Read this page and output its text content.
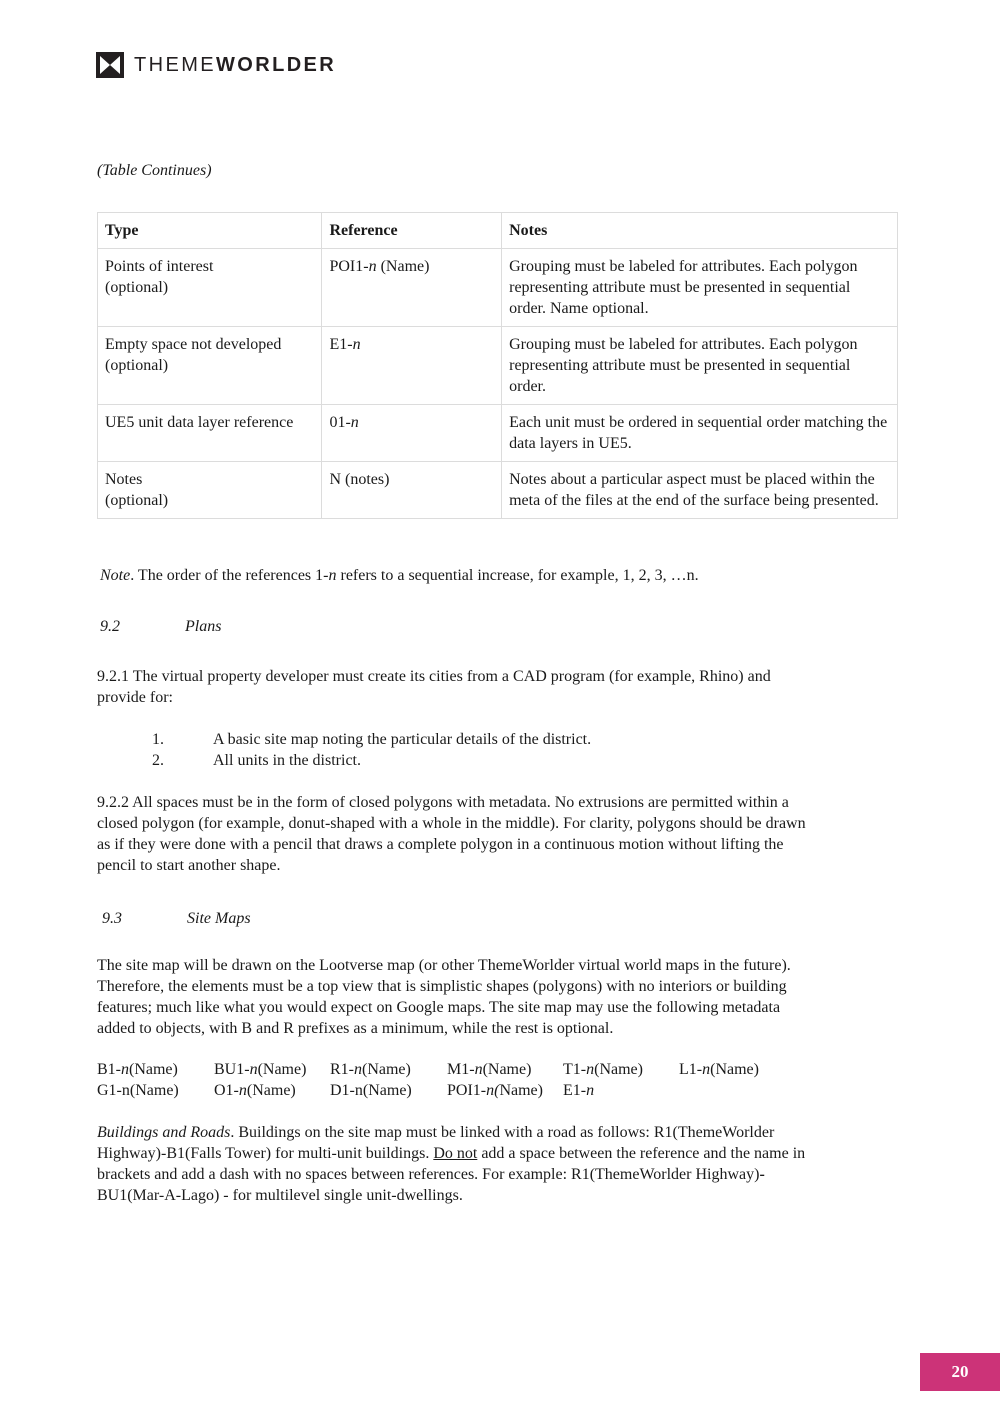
THEMEWORLDER
(Table Continues)
Type	Reference	Notes

Points of interest
(optional)	POI1-n (Name)	Grouping must be labeled for attributes. Each polygon representing attribute must be presented in sequential order. Name optional.

Empty space not developed
(optional)	E1-n	Grouping must be labeled for attributes. Each polygon representing attribute must be presented in sequential order.

UE5 unit data layer reference	01-n	Each unit must be ordered in sequential order matching the data layers in UE5.

Notes
(optional)	N (notes)	Notes about a particular aspect must be placed within the meta of the files at the end of the surface being presented.
Note. The order of the references 1-n refers to a sequential increase, for example, 1, 2, 3, …n.
9.2	Plans
9.2.1 The virtual property developer must create its cities from a CAD program (for example, Rhino) and
provide for:
1.	A basic site map noting the particular details of the district.
2.	All units in the district.
9.2.2 All spaces must be in the form of closed polygons with metadata. No extrusions are permitted within a
closed polygon (for example, donut-shaped with a whole in the middle). For clarity, polygons should be drawn
as if they were done with a pencil that draws a complete polygon in a continuous motion without lifting the
pencil to start another shape.
9.3	Site Maps
The site map will be drawn on the Lootverse map (or other ThemeWorlder virtual world maps in the future).
Therefore, the elements must be a top view that is simplistic shapes (polygons) with no interiors or building
features; much like what you would expect on Google maps. The site map may use the following metadata
added to objects, with B and R prefixes as a minimum, while the rest is optional.
B1-n(Name)	BU1-n(Name)	R1-n(Name)	M1-n(Name)	T1-n(Name)	L1-n(Name)
G1-n(Name)	O1-n(Name)	D1-n(Name)	POI1-n(Name)	E1-n
Buildings and Roads. Buildings on the site map must be linked with a road as follows: R1(ThemeWorlder
Highway)-B1(Falls Tower) for multi-unit buildings. Do not add a space between the reference and the name in
brackets and add a dash with no spaces between references. For example: R1(ThemeWorlder Highway)-
BU1(Mar-A-Lago) - for multilevel single unit-dwellings.
20
